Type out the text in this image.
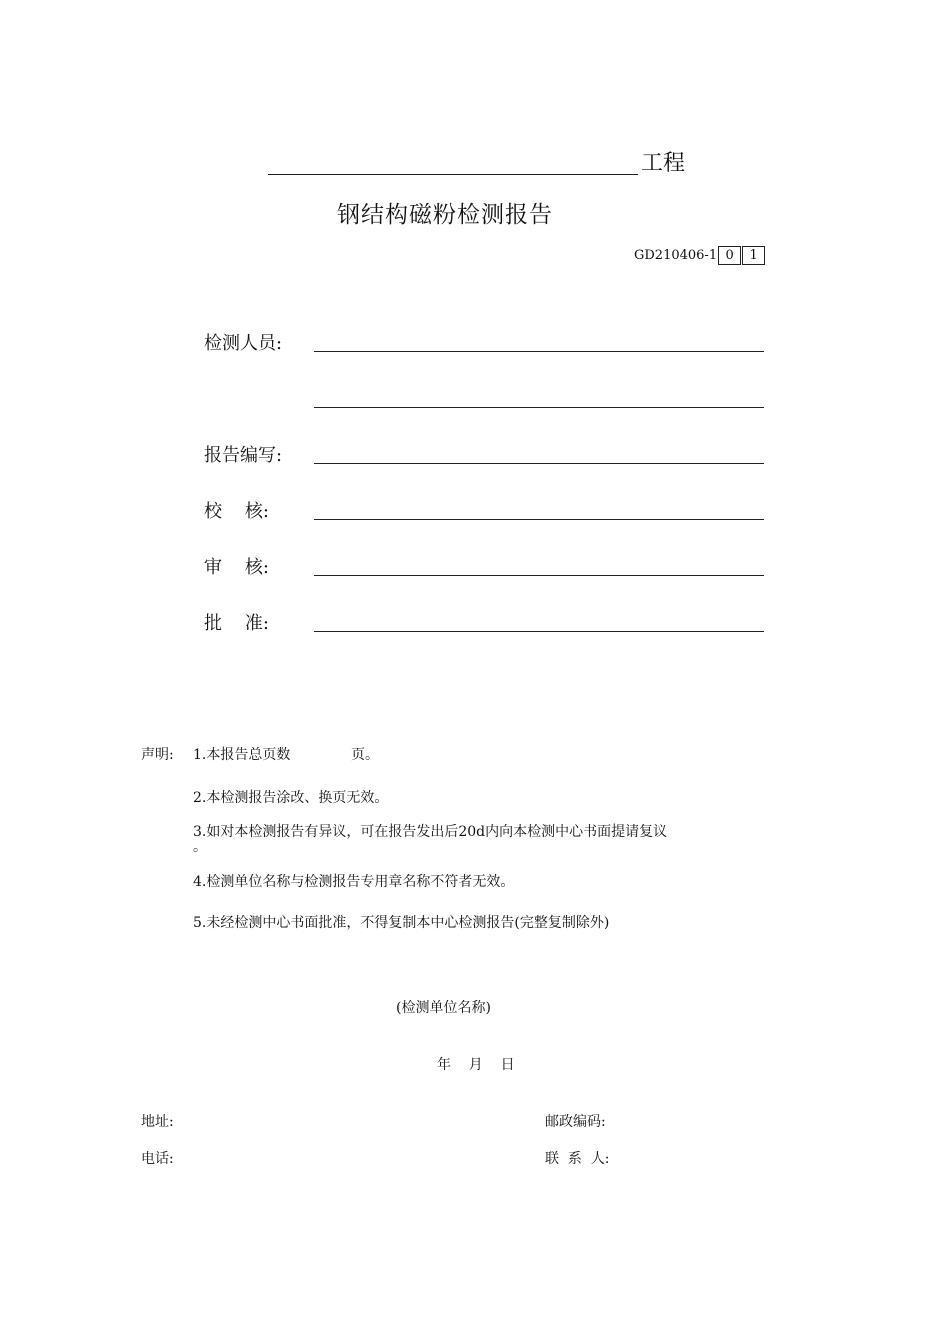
工程
钢结构磁粉检测报告
GD210406-1 0 1
检测人员:
报告编写:
校    核:
审    核:
批    准:
声明: 1.本报告总页数	页。
2.本检测报告涂改、换页无效。
3.如对本检测报告有异议，可在报告发出后20d内向本检测中心书面提请复议
。
4.检测单位名称与检测报告专用章名称不符者无效。
5.未经检测中心书面批准，不得复制本中心检测报告(完整复制除外)
(检测单位名称)
年    月    日
地址:	邮政编码:
电话:	联  系  人:
